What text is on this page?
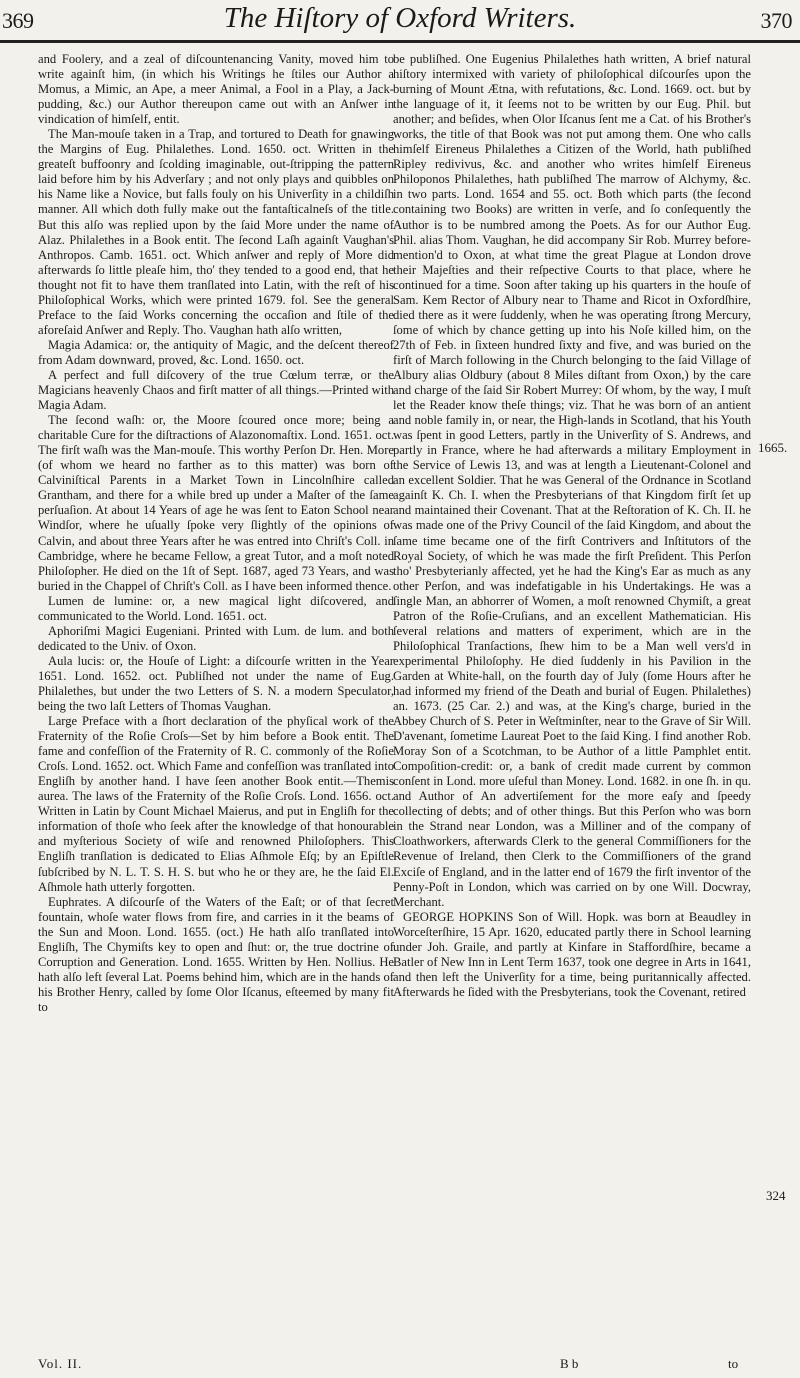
369	The Hiſtory of Oxford Writers.	370

and Foolery, and a zeal of diſcountenancing Vanity, moved him to write againſt him, (in which his Writings he ſtiles our Author a Momus, a Mimic, an Ape, a meer Animal, a Fool in a Play, a Jack-pudding, &c.) our Author thereupon came out with an Anſwer in vindication of himſelf, entit.

The Man-mouſe taken in a Trap, and tortured to Death for gnawing the Margins of Eug. Philalethes. Lond. 1650. oct. Written in the greateſt buffoonry and ſcolding imaginable, out-ſtripping the pattern laid before him by his Adverſary ; and not only plays and quibbles on his Name like a Novice, but falls fouly on his Univerſity in a childiſh manner. All which doth fully make out the fantaſticalneſs of the title. But this alſo was replied upon by the ſaid More under the name of Alaz. Philalethes in a Book entit. The ſecond Laſh againſt Vaughan's Anthropos. Camb. 1651. oct. Which anſwer and reply of More did afterwards ſo little pleaſe him, tho' they tended to a good end, that he thought not fit to have them tranſlated into Latin, with the reſt of his Philoſophical Works, which were printed 1679. fol. See the general Preface to the ſaid Works concerning the occaſion and ſtile of the aforeſaid Anſwer and Reply. Tho. Vaughan hath alſo written,

Magia Adamica: or, the antiquity of Magic, and the deſcent thereof from Adam downward, proved, &c. Lond. 1650. oct.

A perfect and full diſcovery of the true Cœlum terræ, or the Magicians heavenly Chaos and firſt matter of all things.—Printed with Magia Adam.

The ſecond waſh: or, the Moore ſcoured once more; being a charitable Cure for the diſtractions of Alazonomaſtix. Lond. 1651. oct. The firſt waſh was the Man-mouſe. This worthy Perſon Dr. Hen. More (of whom we heard no farther as to this matter) was born of Calviniſtical Parents in a Market Town in Lincolnſhire called Grantham, and there for a while bred up under a Maſter of the ſame perſuaſion. At about 14 Years of age he was ſent to Eaton School near Windſor, where he uſually ſpoke very ſlightly of the opinions of Calvin, and about three Years after he was entred into Chriſt's Coll. in Cambridge, where he became Fellow, a great Tutor, and a moſt noted Philoſopher. He died on the 1ſt of Sept. 1687, aged 73 Years, and was buried in the Chappel of Chriſt's Coll. as I have been informed thence.

Lumen de lumine: or, a new magical light diſcovered, and communicated to the World. Lond. 1651. oct.

Aphoriſmi Magici Eugeniani. Printed with Lum. de lum. and both dedicated to the Univ. of Oxon.

Aula lucis: or, the Houſe of Light: a diſcourſe written in the Year 1651. Lond. 1652. oct. Publiſhed not under the name of Eug. Philalethes, but under the two Letters of S. N. a modern Speculator, being the two laſt Letters of Thomas Vaughan.

Large Preface with a ſhort declaration of the phyſical work of the Fraternity of the Roſie Croſs—Set by him before a Book entit. The fame and confeſſion of the Fraternity of R. C. commonly of the Roſie Croſs. Lond. 1652. oct. Which Fame and confeſſion was tranſlated into Engliſh by another hand. I have ſeen another Book entit.—Themis aurea. The laws of the Fraternity of the Roſie Croſs. Lond. 1656. oct. Written in Latin by Count Michael Maierus, and put in Engliſh for the information of thoſe who ſeek after the knowledge of that honourable and myſterious Society of wiſe and renowned Philoſophers. This Engliſh tranſlation is dedicated to Elias Aſhmole Eſq; by an Epiſtle ſubſcribed by N. L. T. S. H. S. but who he or they are, he the ſaid El. Aſhmole hath utterly forgotten.

Euphrates. A diſcourſe of the Waters of the Eaſt; or of that ſecret fountain, whoſe water flows from fire, and carries in it the beams of the Sun and Moon. Lond. 1655. (oct.) He hath alſo tranſlated into Engliſh, The Chymiſts key to open and ſhut: or, the true doctrine of Corruption and Generation. Lond. 1655. Written by Hen. Nollius. He hath alſo left ſeveral Lat. Poems behind him, which are in the hands of his Brother Henry, called by ſome Olor Iſcanus, eſteemed by many fit to

be publiſhed. One Eugenius Philalethes hath written, A brief natural hiſtory intermixed with variety of philoſophical diſcourſes upon the burning of Mount Ætna, with refutations, &c. Lond. 1669. oct. but by the language of it, it ſeems not to be written by our Eug. Phil. but another; and beſides, when Olor Iſcanus ſent me a Cat. of his Brother's works, the title of that Book was not put among them. One who calls himſelf Eireneus Philalethes a Citizen of the World, hath publiſhed Ripley redivivus, &c. and another who writes himſelf Eireneus Philoponos Philalethes, hath publiſhed The marrow of Alchymy, &c. in two parts. Lond. 1654 and 55. oct. Both which parts (the ſecond containing two Books) are written in verſe, and ſo conſequently the Author is to be numbred among the Poets. As for our Author Eug. Phil. alias Thom. Vaughan, he did accompany Sir Rob. Murrey before-mention'd to Oxon, at what time the great Plague at London drove their Majeſties and their reſpective Courts to that place, where he continued for a time. Soon after taking up his quarters in the houſe of Sam. Kem Rector of Albury near to Thame and Ricot in Oxfordſhire, died there as it were ſuddenly, when he was operating ſtrong Mercury, ſome of which by chance getting up into his Noſe killed him, on the 27th of Feb. in ſixteen hundred ſixty and five, and was buried on the firſt of March following in the Church belonging to the ſaid Village of Albury alias Oldbury (about 8 Miles diſtant from Oxon,) by the care and charge of the ſaid Sir Robert Murrey: Of whom, by the way, I muſt let the Reader know theſe things; viz. That he was born of an antient and noble family in, or near, the High-lands in Scotland, that his Youth was ſpent in good Letters, partly in the Univerſity of S. Andrews, and partly in France, where he had afterwards a military Employment in the Service of Lewis 13, and was at length a Lieutenant-Colonel and an excellent Soldier. That he was General of the Ordnance in Scotland againſt K. Ch. I. when the Presbyterians of that Kingdom firſt ſet up and maintained their Covenant. That at the Reſtoration of K. Ch. II. he was made one of the Privy Council of the ſaid Kingdom, and about the ſame time became one of the firſt Contrivers and Inſtitutors of the Royal Society, of which he was made the firſt Preſident. This Perſon tho' Presbyterianly affected, yet he had the King's Ear as much as any other Perſon, and was indefatigable in his Undertakings. He was a ſingle Man, an abhorrer of Women, a moſt renowned Chymiſt, a great Patron of the Roſie-Cruſians, and an excellent Mathematician. His ſeveral relations and matters of experiment, which are in the Philoſophical Tranſactions, ſhew him to be a Man well vers'd in experimental Philoſophy. He died ſuddenly in his Pavilion in the Garden at White-hall, on the fourth day of July (ſome Hours after he had informed my friend of the Death and burial of Eugen. Philalethes) an. 1673. (25 Car. 2.) and was, at the King's charge, buried in the Abbey Church of S. Peter in Weſtminſter, near to the Grave of Sir Will. D'avenant, ſometime Laureat Poet to the ſaid King. I find another Rob. Moray Son of a Scotchman, to be Author of a little Pamphlet entit. Compoſition-credit: or, a bank of credit made current by common conſent in Lond. more uſeful than Money. Lond. 1682. in one ſh. in qu. and Author of An advertiſement for the more eaſy and ſpeedy collecting of debts; and of other things. But this Perſon who was born in the Strand near London, was a Milliner and of the company of Cloathworkers, afterwards Clerk to the general Commiſſioners for the Revenue of Ireland, then Clerk to the Commiſſioners of the grand Exciſe of England, and in the latter end of 1679 the firſt inventor of the Penny-Poſt in London, which was carried on by one Will. Docwray, Merchant.

GEORGE HOPKINS Son of Will. Hopk. was born at Beaudley in Worceſterſhire, 15 Apr. 1620, educated partly there in School learning under Joh. Graile, and partly at Kinfare in Staffordſhire, became a Batler of New Inn in Lent Term 1637, took one degree in Arts in 1641, and then left the Univerſity for a time, being puritannically affected. Afterwards he ſided with the Presbyterians, took the Covenant, retired

1665.
324
Vol. II.	B b	to
